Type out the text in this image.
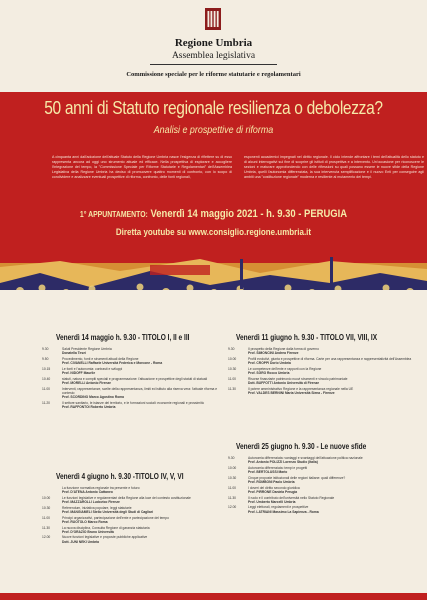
Regione Umbria
Assemblea legislativa
Commissione speciale per le riforme statutarie e regolamentari
50 anni di Statuto regionale resilienza o debolezza?
Analisi e prospettive di riforma
A cinquanta anni dall'adozione dell'attuale Statuto della Regione Umbria nasce l'esigenza di riflettere su di esso rappresenta ancora ad oggi uno strumento attuale ed efficace. Nella prospettiva di esplorare e accogliere l'integrazione del tempo, la "Commissione Speciale per Riforme Statutarie e Regolamentari" dell'Assemblea Legislativa della Regione Umbria ha deciso di promuovere quattro momenti di confronto, con lo scopo di condividere e analizzare eventuali prospettive di riforma, confronto, delle fonti regionali,
esponenti accademici impegnati nel diritto regionale. Il ciclo intende affrontare i temi dell'attualità dello statuto e di alcuni interrogativi sul fine di scoprire gli istituti di prospettiva e a intervento. Un'occasione per riconoscere le sezioni e maturare approfondendo con delle riflessioni su quali possano essere le nuove sfide della Regione Umbria, quelli l'autonomia differenziata, la sua intervenuta semplificazione e il nuovo Enti per conseguire agli ambiti una "costituzione regionale" moderna e resiliente al mutamento dei tempi.
1° APPUNTAMENTO: Venerdì 14 maggio 2021 - h. 9.30 - PERUGIA
Diretta youtube su www.consiglio.regione.umbria.it
Venerdì 14 maggio h. 9.30 - TITOLO I, II e III
9.30	Saluti Presidente Regione Umbria
Donatella Tesei
9.50	Procedimento, fonti e strumenti attuali della Regione
Prof. CIVANELLI Raffaele Università Federica e Morcone - Roma
10.15	Le fonti e l'autonomia: contrasti e sviluppi
Prof. NIDOFF Maurile
10.40	statuti, natura e compiti speciali e programmazione: l'attuazione e prospettive degli statuti di statuali
Prof. MORELLI Antonio Firenze
11.00	Interventi, rappresentanze, scelte della rappresentanza, limiti ed istituto alla riserva vera: l'attuale riforma e contesto
Prof. SCORDINO Marco Agostino Roma
11.20	Il settore sanitario, le istanze del territorio, e le formazioni sociali: economie regionali e prossimità
Prof. RAFFONTOI Roberto Umbria
Venerdì 4 giugno h. 9.30 -TITOLO IV, V, VI
La funzione normativa regionale tra presente e futuro
Prof. D'ATENA Antonio Cattaneo
10.00	Le funzioni legislative e regolamentari della Regione alla luce del contesto costituzionale
Prof. MAZZAROLLI Ludovico Firenze
10.30	Referendum, iniziativa popolare, leggi statutarie
Prof. MANGIAMELI Stelio Università degli Studi di Cagliari
11.00	Principi organizzativi, partecipazione dell'ente e partecipazione del tempo
Prof. RUOTOLO Marco Roma
11.30	La nuova disciplina, Consulta Regione di garanzia statutaria
Prof. D'ORAZIO Bruno Università
12.00	Nuove funzioni legislative e proposte pubbliche applicative
Dott. JUNI NEKI Umbria
Venerdì 11 giugno h. 9.30 - TITOLO VII, VIII, IX
9.30	Il prospetto della Regione dalla forma di governo
Prof. SIMONCINI Andrea Firenze
10.00	Profili evolutivi, giunta e prospettive di riforma. Carte per una rappresentanza e rappresentatività dell'Assemblea
Prof. CROPPI Dorio Umbria
10.30	Le competenze dell'ente e rapporti con la Regione
Prof. SGRO Rocco Umbria
11.00	Risorse finanziarie patrimonio nuovi strumenti e vincolo patrimoniale
Dott. BUFFOTTI Antonio Università di Firenze
11.30	Il potere amministrativo Regione e la rappresentanza regionale nella UE
Prof. VALDES BERNINI Maria Università Siena - Firenze
Venerdì 25 giugno h. 9.30 - Le nuove sfide
9.30	Autonomia differenziata: vantaggi e svantaggi dell'attuazione politica nazionale
Prof. Antonio POLIZZI Lorenzo Studio (Italia)
10.00	Autonomia differenziata: tempi e progetti
Prof. BERTOLUSSI Mario
10.30	Cinque proposte istituzionali delle regioni italiane: quali differenze?
Prof. ROMBONI Paolo Umbria
11.00	I doveri del diritto secondo giuridica
Prof. PIRRONE Daniela Perugia
11.30	Il ruolo e il contributo dell'università nello Statuto Regionale
Prof. Umberto Marcelli Umbria
12.00	Leggi elettorali, regolamenti e prospettive
Prof. LATRIANI Massimo La Sapienza - Roma
